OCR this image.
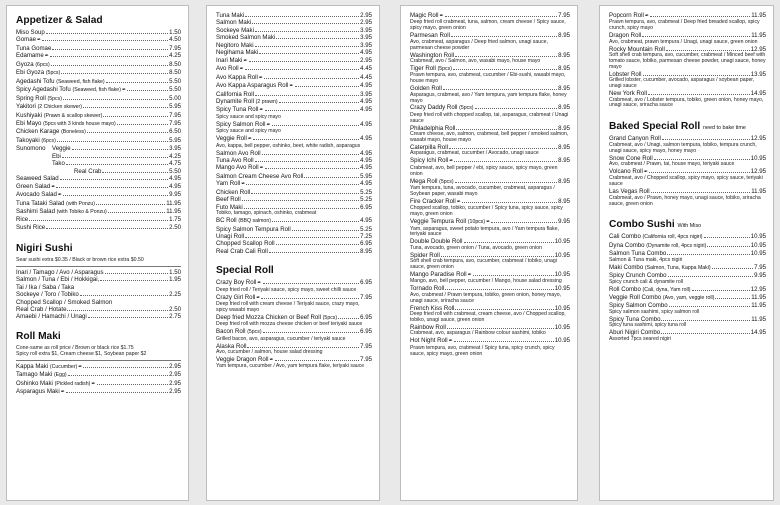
Appetizer & Salad
Miso Soup	1.50
Gomae✒	4.50
Tuna Gomae	7.95
Edamame✒	4.25
Gyoza (6pcs)	8.50
Ebi Gyoza (5pcs)	8.50
Agedashi Tofu (Seaweed, fish flake)	5.50
Spicy Agedashi Tofu (Seaweed, fish flake)✒	5.50
Spring Roll (5pcs)	5.00
Yakitori (2 Chicken skewer)	5.95
Kushiyaki (Prawn & scallop skewer)	7.95
Ebi Mayo (5pcs with 3 kinds house mayo)	7.95
Chicken Karage (Boneless)	6.50
Takoyaki (6pcs)	5.95
Sunomono	Veggie	3.95
Ebi	4.25
Tako	4.75
Real Crab	5.50
Seaweed Salad	4.95
Green Salad✒	4.95
Avocado Salad✒	9.95
Tuna Tataki Salad (with Ponzu)	11.95
Sashimi Salad (with Tobiko & Ponzu)	11.95
Rice	1.75
Sushi Rice	2.50
Nigiri Sushi
Sear sushi extra $0.35 / Black or brown rice extra $0.50
Inari / Tamago / Avo / Asparagus	1.50
Salmon / Tuna / Ebi / Hokkigai,	1.95
Tai / Ika / Saba / Taka
Sockeye / Toro / Tobiko	2.25
Chopped Scallop / Smoked Salmon
Real Crab / Hotate	2.50
Amaebi / Hamachi / Unagi	2.75
Roll Maki
Cone-same as roll price / Brown or black rice $1.75
Spicy roll extra $1, Cream cheese $1, Soybean paper $2
Kappa Maki (Cucumber)✒	2.95
Tamago Maki (Egg)	2.95
Oshinko Maki (Pickled radish)✒	2.95
Asparagus Maki✒	2.95
Tuna Maki	2.95
Salmon Maki	2.95
Sockeye Maki	3.95
Smoked Salmon Maki	3.95
Negitoro Maki	3.95
Negihama Maki	4.95
Inari Maki✒	2.95
Avo Roll✒	4.45
Avo Kappa Roll✒	4.45
Avo Kappa Asparagus Roll✒	4.95
California Roll	3.95
Dynamite Roll (2 prawn)	4.95
Spicy Tuna Roll✒	4.95
Spicy sauce and spicy mayo
Spicy Salmon Roll✒	4.95
Spicy sauce and spicy mayo
Veggie Roll✒	4.95
Avo, kappa, bell pepper, oshinko, beet, white radish, asparagus
Salmon Avo Roll	4.95
Tuna Avo Roll	4.95
Mango Avo Roll✒	4.95
Salmon Cream Cheese Avo Roll	5.95
Yam Roll✒	4.95
Chicken Roll	5.25
Beef Roll	5.25
Futo Maki	6.95
Tobiko, tamago, spinach, oshinko, crabmeat
BC Roll (BBQ salmon)	4.95
Spicy Salmon Tempura Roll	5.25
Unagi Roll	7.25
Chopped Scallop Roll	6.95
Real Crab Cali Roll	8.95
Special Roll
Crazy Boy Roll✒	6.95
Deep fried roll / Teriyaki sauce, spicy mayo, sweet chilli sauce
Crazy Girl Roll✒	7.95
Deep fried roll with cream cheese / Teriyaki sauce, crazy mayo, spicy wasabi mayo
Deep fried Mozza Chicken or Beef Roll (5pcs)	6.95
Deep fried roll with mozza cheese chicken or beef teriyaki sauce
Bacon Roll (5pcs)	6.95
Grilled bacon, avo, asparagus, cucumber / teriyaki sauce
Alaska Roll	7.95
Avo, cucumber / salmon, house salad dressing
Veggie Dragon Roll✒	7.95
Yam tempura, cucumber / Avo, yam tempura flake, teriyaki sauce
Magic Roll✒	7.95
Deep fried roll crabmeat, tuna, salmon, cream cheese / Spicy sauce, spicy mayo, green onion
Parmesan Roll	8.95
Avo, crabmeat, asparagus / Deep fried salmon, unagi sauce, parmesan cheese powder
Washington Roll	8.95
Crabmeat, avo / Salmon, avo, wasabi mayo, house mayo
Tiger Roll (5pcs)	8.95
Prawn tempura, avo, crabmeat, cucumber / Ebi-sushi, wasabi mayo, house mayo
Golden Roll	8.95
Asparagus, crabmeat, avo / Yam tempura, yam tempura flake, honey mayo
Crazy Daddy Roll (5pcs)	8.95
Deep fried roll with chopped scallop, tai, asparagus, crabmeat / Unagi sauce
Philadelphia Roll	8.95
Cream cheese, avo, salmon, crabmeat, bell pepper / smoked salmon, wasabi mayo, house mayo
Caterpilla Roll	8.95
Asparagus, crabmeat, cucumber / Avocado, unagi sauce
Spicy Ichi Roll✒	8.95
Crabmeat, avo, bell pepper / ebi, spicy sauce, spicy mayo, green onion
Mega Roll (5pcs)	8.95
Yam tempura, tuna, avocado, cucumber, crabmeat, asparagus / Soybean paper, wasabi mayo
Fire Cracker Roll✒	8.95
Chopped scallop, tobiko, cucumber / Spicy tuna, spicy sauce, spicy mayo, green onion
Veggie Tempura Roll (10pcs)✒	9.95
Yam, asparagus, sweet potato tempura, avo / Yam tempura flake, teriyaki sauce
Double Double Roll	10.95
Tuna, avocado, green onion / Tuna, avocado, green onion
Spider Roll	10.95
Soft shell crab tempura, avo, cucumber, crabmeat / tobiko, unagi sauce, green onion
Mango Paradise Roll✒	10.95
Mango, avo, bell pepper, cucumber / Mango, house salad dressing
Tornado Roll	10.95
Avo, crabmeat / Prawn tempura, tobiko, green onion, honey mayo, unagi sauce, sriracha sauce
French Kiss Roll	10.95
Deep fried roll with crabmeat, cream cheese, avo / Chopped scallop, tobiko, unagi sauce, green onion
Rainbow Roll	10.95
Crabmeat, avo, asparagus / Rainbow colour sashimi, tobiko
Hot Night Roll✒	10.95
Prawn tempura, avo, crabmeat / Spicy tuna, spicy crunch, spicy sauce, spicy mayo, green onion
Popcorn Roll✒	11.95
Prawn tempura, avo, crabmeat / Deep fried breaded scallop, spicy crunch, spicy mayo
Dragon Roll	11.95
Avo, crabmeat, prawn tempura / Unagi, unagi sauce, green onion
Rocky Mountain Roll	12.95
Soft shell crab tempura, avo, cucumber, crabmeat / Minced beef with tomato sauce, tobiko, parmesan cheese powder, unagi sauce, honey mayo
Lobster Roll	13.95
Grilled lobster, cucumber, avocado, asparagus / soybean paper, unagi sauce
New York Roll	14.95
Crabmeat, avo / Lobster tempura, tobiko, green onion, honey mayo, unagi sauce, sriracha sauce
Baked Special Roll need to bake time
Grand Canyon Roll	12.95
Crabmeat, avo / Unagi, salmon tempura, tobiko, tempura crunch, unagi sauce, spicy mayo, honey mayo
Snow Cone Roll	10.95
Avo, crabmeat / Prawn, tai, house mayo, teriyaki sauce
Volcano Roll✒	12.95
Crabmeat, avo / Chopped scallop, spicy mayo, spicy sauce, teriyaki sauce
Las Vegas Roll	11.95
Crabmeat, avo / Prawn, honey mayo, unagi sauce, tobiko, sriracha sauce, green onion
Combo Sushi With Miso
Cali Combo (California roll, 4pcs nigiri)	10.95
Dyna Combo (Dynamite roll, 4pcs nigiri)	10.95
Salmon Tuna Combo	10.95
Salmon & Tuna maki, 4pcs nigiri
Maki Combo (Salmon, Tuna, Kappa Maki)	7.95
Spicy Crunch Combo	9.95
Spicy crunch cali & dynamite roll
Roll Combo (Cali, dyna, Yam roll)	12.95
Veggie Roll Combo (Avo, yam, veggie roll)	11.95
Spicy Salmon Combo	11.95
Spicy salmon sashimi, spicy salmon roll
Spicy Tuna Combo	11.95
Spicy tuna sashimi, spicy tuna roll
Aburi Nigiri Combo	14.95
Assorted 7pcs seared nigiri
